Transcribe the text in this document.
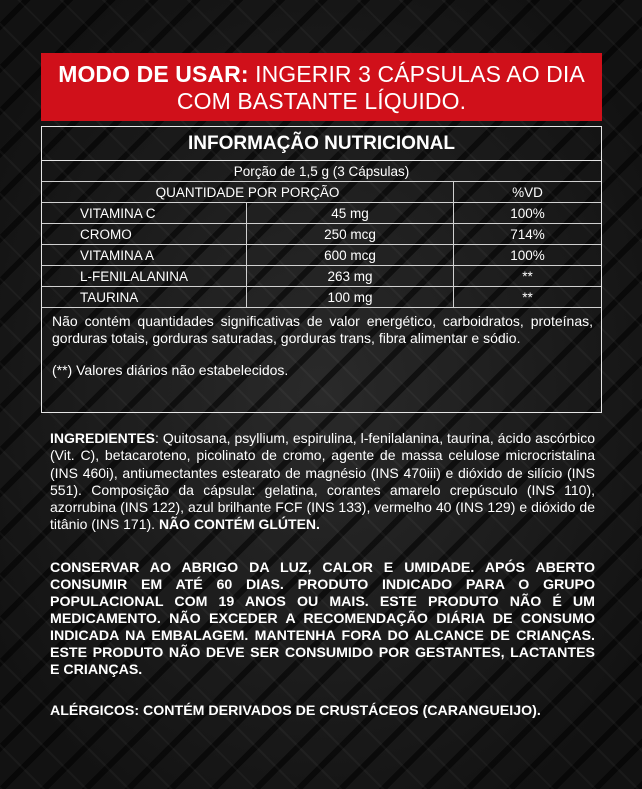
MODO DE USAR: INGERIR 3 CÁPSULAS AO DIA COM BASTANTE LÍQUIDO.
INFORMAÇÃO NUTRICIONAL
Porção de 1,5 g (3 Cápsulas)		
QUANTIDADE POR PORÇÃO		%VD
VITAMINA C	45 mg	100%
CROMO	250 mcg	714%
VITAMINA A	600 mcg	100%
L-FENILALANINA	263 mg	**
TAURINA	100 mg	**

Não contém quantidades significativas de valor energético, carboidratos, proteínas, gorduras totais, gorduras saturadas, gorduras trans, fibra alimentar e sódio.

(**) Valores diários não estabelecidos.

INGREDIENTES: Quitosana, psyllium, espirulina, l-fenilalanina, taurina, ácido ascórbico (Vit. C), betacaroteno, picolinato de cromo, agente de massa celulose microcristalina (INS 460i), antiumectantes estearato de magnésio (INS 470iii) e dióxido de silício (INS 551). Composição da cápsula: gelatina, corantes amarelo crepúsculo (INS 110), azorrubina (INS 122), azul brilhante FCF (INS 133), vermelho 40 (INS 129) e dióxido de titânio (INS 171). NÃO CONTÉM GLÚTEN.

CONSERVAR AO ABRIGO DA LUZ, CALOR E UMIDADE. APÓS ABERTO CONSUMIR EM ATÉ 60 DIAS. PRODUTO INDICADO PARA O GRUPO POPULACIONAL COM 19 ANOS OU MAIS. ESTE PRODUTO NÃO É UM MEDICAMENTO. NÃO EXCEDER A RECOMENDAÇÃO DIÁRIA DE CONSUMO INDICADA NA EMBALAGEM. MANTENHA FORA DO ALCANCE DE CRIANÇAS. ESTE PRODUTO NÃO DEVE SER CONSUMIDO POR GESTANTES, LACTANTES E CRIANÇAS.
ALÉRGICOS: CONTÉM DERIVADOS DE CRUSTÁCEOS (CARANGUEIJO).
